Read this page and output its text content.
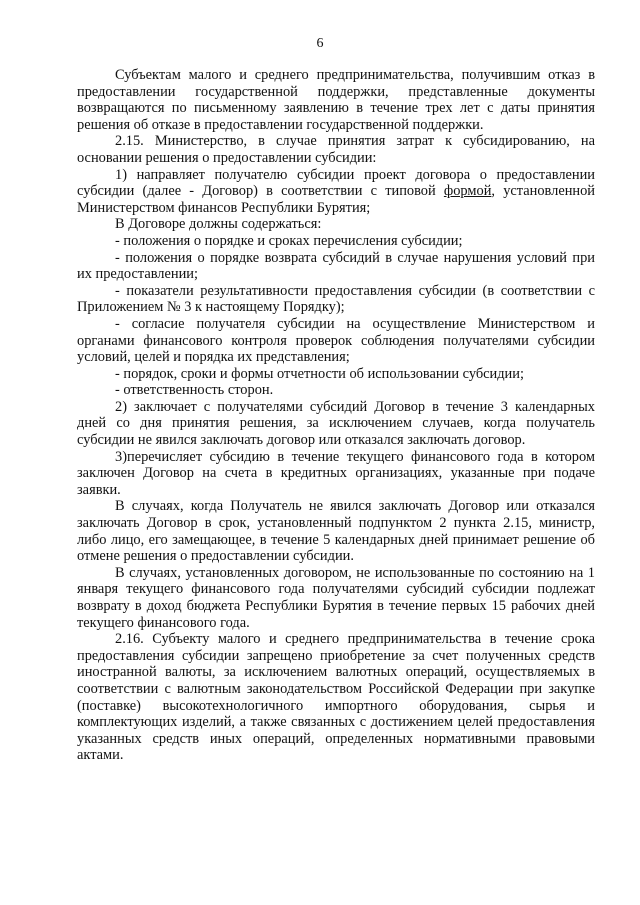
6

Субъектам малого и среднего предпринимательства, получившим отказ в предоставлении государственной поддержки, представленные документы возвращаются по письменному заявлению в течение трех лет с даты принятия решения об отказе в предоставлении государственной поддержки.

2.15. Министерство, в случае принятия затрат к субсидированию, на основании решения о предоставлении субсидии:

1) направляет получателю субсидии проект договора о предоставлении субсидии (далее - Договор) в соответствии с типовой формой, установленной Министерством финансов Республики Бурятия;

В Договоре должны содержаться:

- положения о порядке и сроках перечисления субсидии;

- положения о порядке возврата субсидий в случае нарушения условий при их предоставлении;

- показатели результативности предоставления субсидии (в соответствии с Приложением № 3 к настоящему Порядку);

- согласие получателя субсидии на осуществление Министерством и органами финансового контроля проверок соблюдения получателями субсидии условий, целей и порядка их представления;

- порядок, сроки и формы отчетности об использовании субсидии;

- ответственность сторон.

2) заключает с получателями субсидий Договор в течение 3 календарных дней со дня принятия решения, за исключением случаев, когда получатель субсидии не явился заключать договор или отказался заключать договор.

3)перечисляет субсидию в течение текущего финансового года в котором заключен Договор на счета в кредитных организациях, указанные при подаче заявки.

В случаях, когда Получатель не явился заключать Договор или отказался заключать Договор в срок, установленный подпунктом 2 пункта 2.15, министр, либо лицо, его замещающее, в течение 5 календарных дней принимает решение об отмене решения о предоставлении субсидии.

В случаях, установленных договором, не использованные по состоянию на 1 января текущего финансового года получателями субсидий субсидии подлежат возврату в доход бюджета Республики Бурятия в течение первых 15 рабочих дней текущего финансового года.

2.16. Субъекту малого и среднего предпринимательства в течение срока предоставления субсидии запрещено приобретение за счет полученных средств иностранной валюты, за исключением валютных операций, осуществляемых в соответствии с валютным законодательством Российской Федерации при закупке (поставке) высокотехнологичного импортного оборудования, сырья и комплектующих изделий, а также связанных с достижением целей предоставления указанных средств иных операций, определенных нормативными правовыми актами.
